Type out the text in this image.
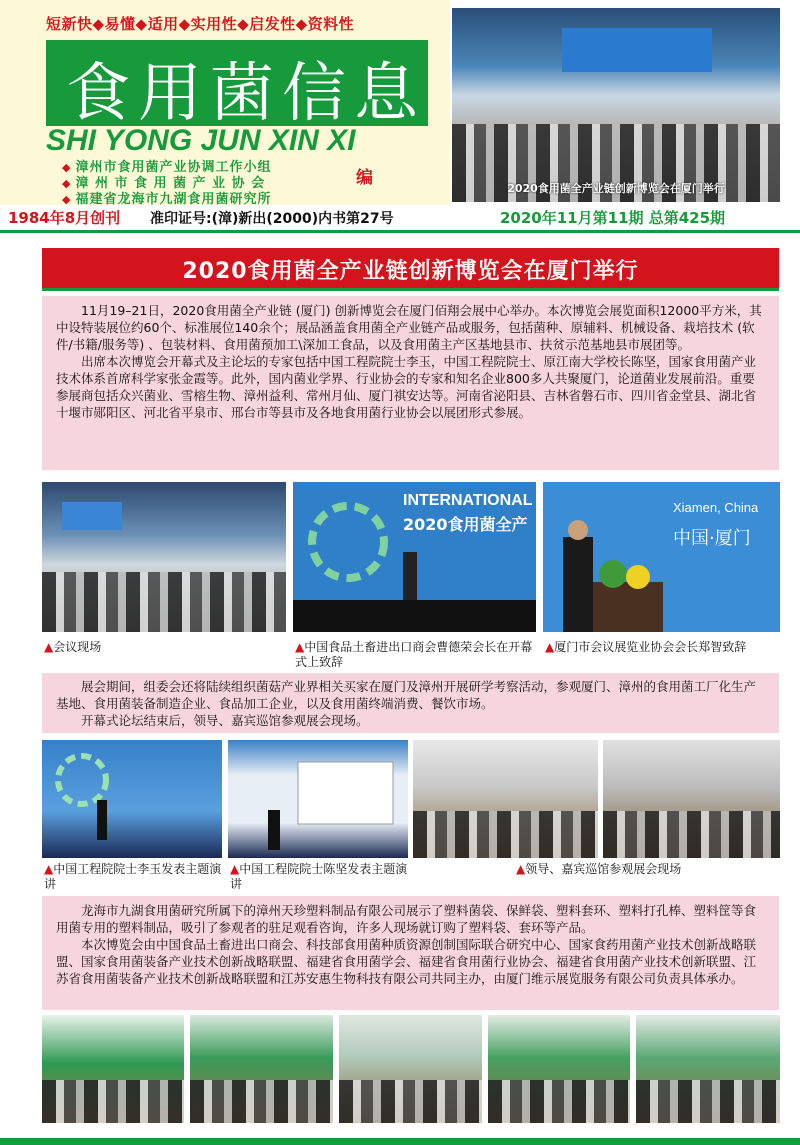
短新快◆易懂◆适用◆实用性◆启发性◆资料性
食用菌信息
SHI YONG JUN XIN XI
◆ 漳州市食用菌产业协调工作小组
◆ 漳 州 市 食 用 菌 产 业 协 会
◆ 福建省龙海市九湖食用菌研究所
编
2020食用菌全产业链创新博览会在厦门举行
1984年8月创刊 准印证号:(漳)新出(2000)内书第27号	2020年11月第11期 总第425期
2020食用菌全产业链创新博览会在厦门举行

11月19–21日，2020食用菌全产业链 (厦门) 创新博览会在厦门佰翔会展中心举办。本次博览会展览面积12000平方米，其中设特装展位约60个、标准展位140余个；展品涵盖食用菌全产业链产品或服务，包括菌种、原辅料、机械设备、栽培技术 (软件/书籍/服务等) 、包装材料、食用菌预加工\深加工食品，以及食用菌主产区基地县市、扶贫示范基地县市展团等。

出席本次博览会开幕式及主论坛的专家包括中国工程院院士李玉，中国工程院院士、原江南大学校长陈坚，国家食用菌产业技术体系首席科学家张金霞等。此外，国内菌业学界、行业协会的专家和知名企业800多人共聚厦门，论道菌业发展前沿。重要参展商包括众兴菌业、雪榕生物、漳州益利、常州月仙、厦门祺安达等。河南省泌阳县、吉林省磐石市、四川省金堂县、湖北省十堰市郧阳区、河北省平泉市、邢台市等县市及各地食用菌行业协会以展团形式参展。

INTERNATIONAL
2020食用菌全产
Xiamen, China
中国·厦门
▲会议现场	▲中国食品土畜进出口商会曹德荣会长在开幕式上致辞
▲厦门市会议展览业协会会长郑智致辞

展会期间，组委会还将陆续组织菌菇产业界相关买家在厦门及漳州开展研学考察活动，参观厦门、漳州的食用菌工厂化生产基地、食用菌装备制造企业、食品加工企业，以及食用菌终端消费、餐饮市场。

开幕式论坛结束后，领导、嘉宾巡馆参观展会现场。

▲中国工程院院士李玉发表主题演讲
▲中国工程院院士陈坚发表主题演讲
▲领导、嘉宾巡馆参观展会现场

龙海市九湖食用菌研究所属下的漳州天珍塑料制品有限公司展示了塑料菌袋、保鲜袋、塑料套环、塑料打孔棒、塑料筐等食用菌专用的塑料制品，吸引了参观者的驻足观看咨询，许多人现场就订购了塑料袋、套环等产品。

本次博览会由中国食品土畜进出口商会、科技部食用菌种质资源创制国际联合研究中心、国家食药用菌产业技术创新战略联盟、国家食用菌装备产业技术创新战略联盟、福建省食用菌学会、福建省食用菌行业协会、福建省食用菌产业技术创新联盟、江苏省食用菌装备产业技术创新战略联盟和江苏安惠生物科技有限公司共同主办，由厦门维示展览服务有限公司负责具体承办。
